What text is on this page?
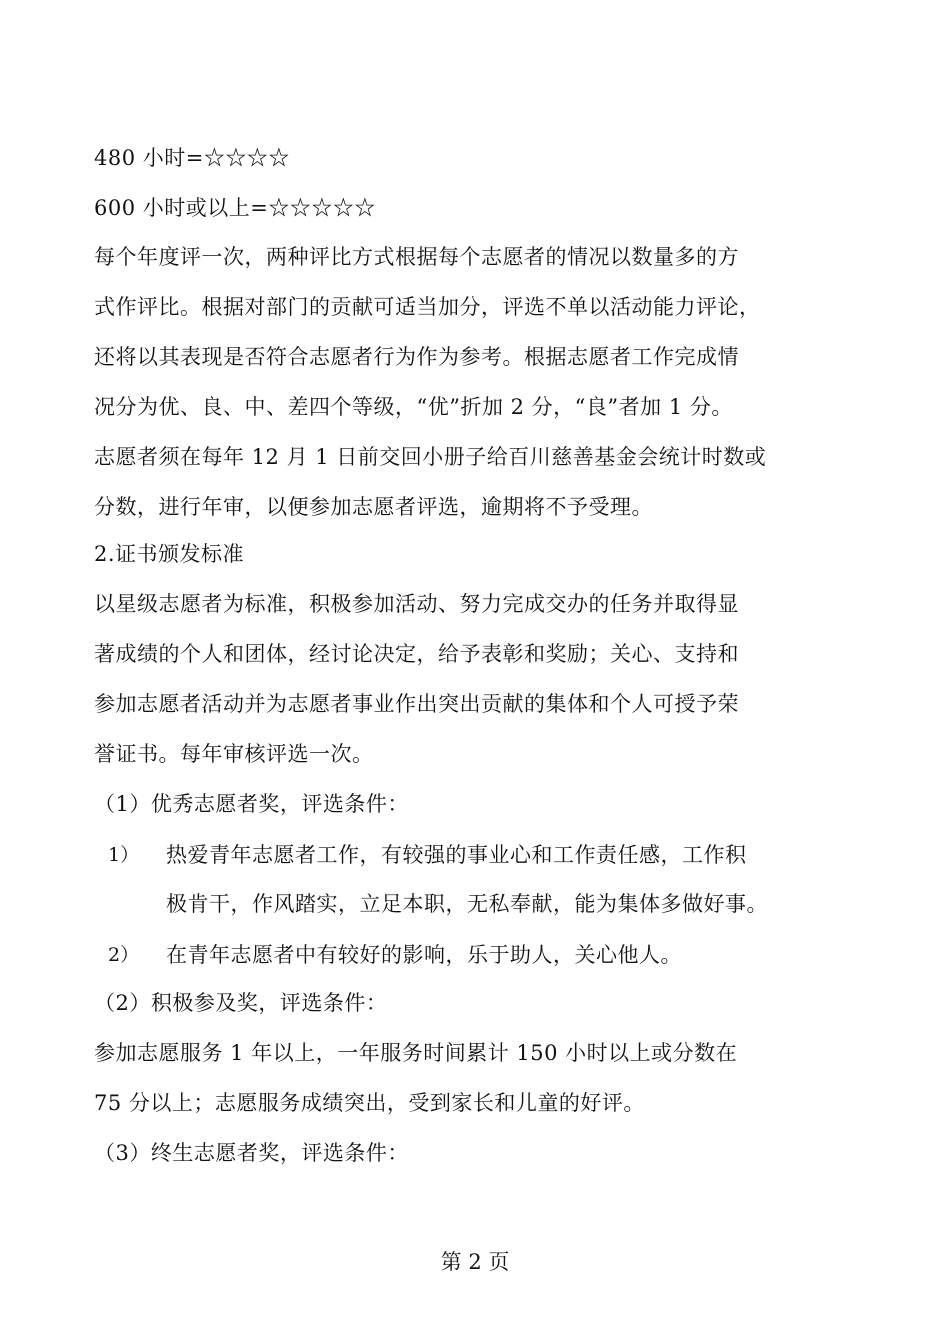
480 小时=☆☆☆☆
600 小时或以上=☆☆☆☆☆
每个年度评一次，两种评比方式根据每个志愿者的情况以数量多的方
式作评比。根据对部门的贡献可适当加分，评选不单以活动能力评论，
还将以其表现是否符合志愿者行为作为参考。根据志愿者工作完成情
况分为优、良、中、差四个等级，“优”折加 2 分，“良”者加 1 分。
志愿者须在每年 12 月 1 日前交回小册子给百川慈善基金会统计时数或
分数，进行年审，以便参加志愿者评选，逾期将不予受理。
2.证书颁发标准
以星级志愿者为标准，积极参加活动、努力完成交办的任务并取得显
著成绩的个人和团体，经讨论决定，给予表彰和奖励；关心、支持和
参加志愿者活动并为志愿者事业作出突出贡献的集体和个人可授予荣
誉证书。每年审核评选一次。
（1）优秀志愿者奖，评选条件：
1） 热爱青年志愿者工作，有较强的事业心和工作责任感，工作积
极肯干，作风踏实，立足本职，无私奉献，能为集体多做好事。
2） 在青年志愿者中有较好的影响，乐于助人，关心他人。
（2）积极参及奖，评选条件：
参加志愿服务 1 年以上，一年服务时间累计 150 小时以上或分数在
75 分以上；志愿服务成绩突出，受到家长和儿童的好评。
（3）终生志愿者奖，评选条件：
第 2 页
